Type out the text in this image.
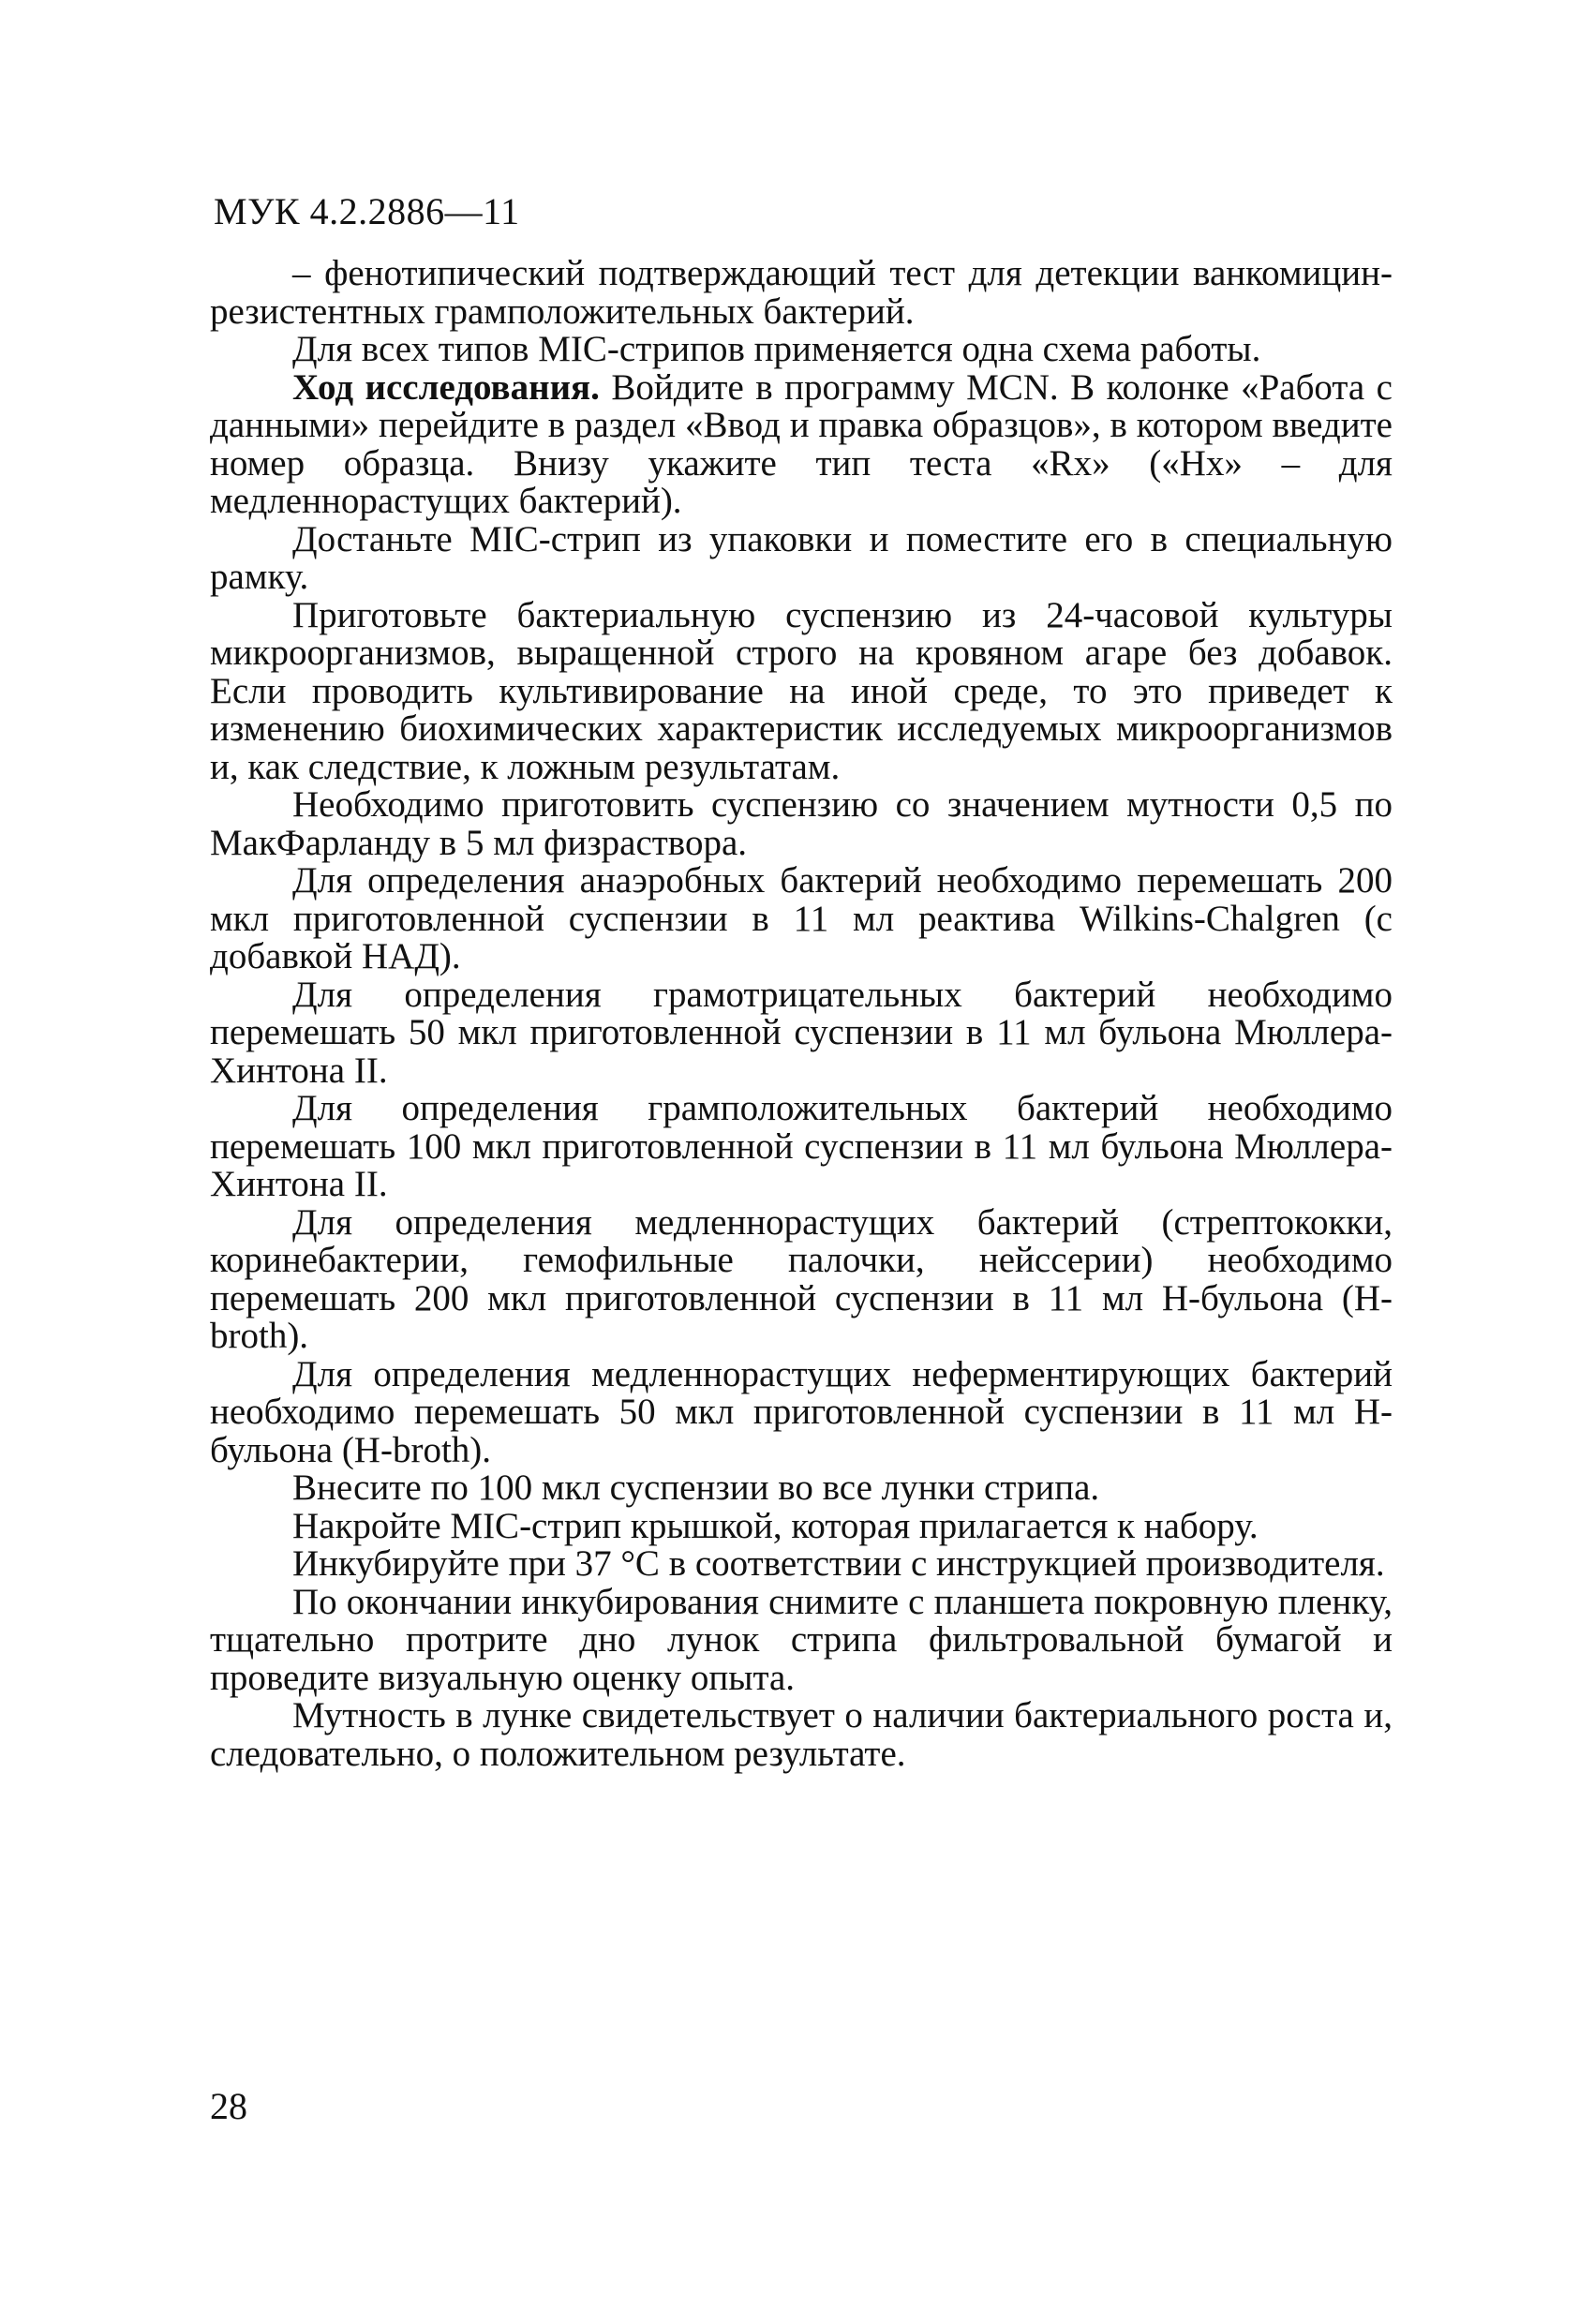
МУК 4.2.2886—11

– фенотипический подтверждающий тест для детекции ванкомицин-резистентных грамположительных бактерий.

Для всех типов MIC-стрипов применяется одна схема работы.

Ход исследования. Войдите в программу MCN. В колонке «Работа с данными» перейдите в раздел «Ввод и правка образцов», в котором введите номер образца. Внизу укажите тип теста «Rx» («Hx» – для медленнорастущих бактерий).

Достаньте MIC-стрип из упаковки и поместите его в специальную рамку.

Приготовьте бактериальную суспензию из 24-часовой культуры микроорганизмов, выращенной строго на кровяном агаре без добавок. Если проводить культивирование на иной среде, то это приведет к изменению биохимических характеристик исследуемых микроорганизмов и, как следствие, к ложным результатам.

Необходимо приготовить суспензию со значением мутности 0,5 по МакФарланду в 5 мл физраствора.

Для определения анаэробных бактерий необходимо перемешать 200 мкл приготовленной суспензии в 11 мл реактива Wilkins-Chalgren (с добавкой НАД).

Для определения грамотрицательных бактерий необходимо перемешать 50 мкл приготовленной суспензии в 11 мл бульона Мюллера-Хинтона II.

Для определения грамположительных бактерий необходимо перемешать 100 мкл приготовленной суспензии в 11 мл бульона Мюллера-Хинтона II.

Для определения медленнорастущих бактерий (стрептококки, коринебактерии, гемофильные палочки, нейссерии) необходимо перемешать 200 мкл приготовленной суспензии в 11 мл Н-бульона (H-broth).

Для определения медленнорастущих неферментирующих бактерий необходимо перемешать 50 мкл приготовленной суспензии в 11 мл Н-бульона (H-broth).

Внесите по 100 мкл суспензии во все лунки стрипа.

Накройте MIC-стрип крышкой, которая прилагается к набору.

Инкубируйте при 37 °С в соответствии с инструкцией производителя.

По окончании инкубирования снимите с планшета покровную пленку, тщательно протрите дно лунок стрипа фильтровальной бумагой и проведите визуальную оценку опыта.

Мутность в лунке свидетельствует о наличии бактериального роста и, следовательно, о положительном результате.

28
